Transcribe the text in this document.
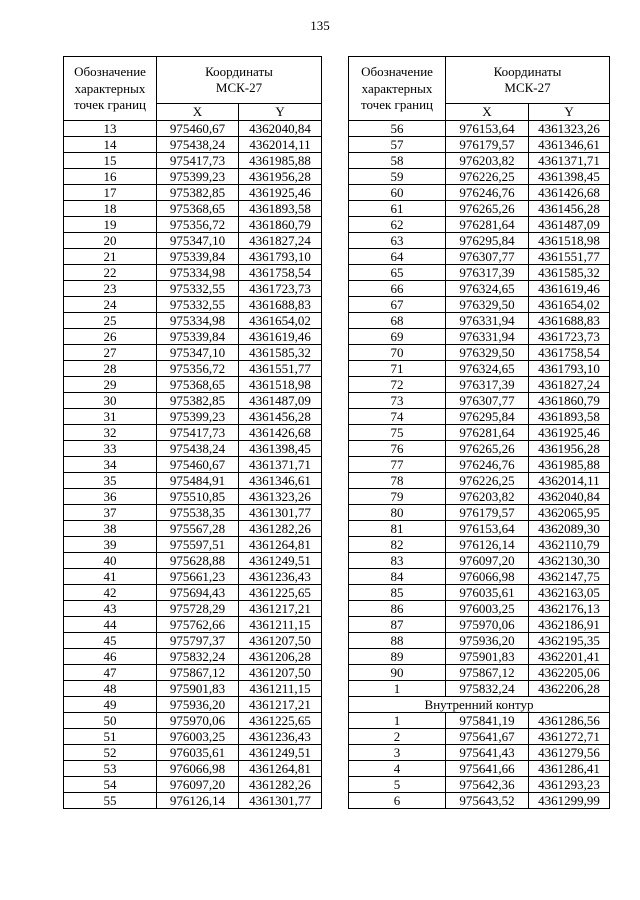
135
Обозначение характерных точек границ	Координаты
МСК-27	
	X	Y
13	975460,67	4362040,84
14	975438,24	4362014,11
15	975417,73	4361985,88
16	975399,23	4361956,28
17	975382,85	4361925,46
18	975368,65	4361893,58
19	975356,72	4361860,79
20	975347,10	4361827,24
21	975339,84	4361793,10
22	975334,98	4361758,54
23	975332,55	4361723,73
24	975332,55	4361688,83
25	975334,98	4361654,02
26	975339,84	4361619,46
27	975347,10	4361585,32
28	975356,72	4361551,77
29	975368,65	4361518,98
30	975382,85	4361487,09
31	975399,23	4361456,28
32	975417,73	4361426,68
33	975438,24	4361398,45
34	975460,67	4361371,71
35	975484,91	4361346,61
36	975510,85	4361323,26
37	975538,35	4361301,77
38	975567,28	4361282,26
39	975597,51	4361264,81
40	975628,88	4361249,51
41	975661,23	4361236,43
42	975694,43	4361225,65
43	975728,29	4361217,21
44	975762,66	4361211,15
45	975797,37	4361207,50
46	975832,24	4361206,28
47	975867,12	4361207,50
48	975901,83	4361211,15
49	975936,20	4361217,21
50	975970,06	4361225,65
51	976003,25	4361236,43
52	976035,61	4361249,51
53	976066,98	4361264,81
54	976097,20	4361282,26
55	976126,14	4361301,77
Обозначение характерных точек границ	Координаты
МСК-27	
	X	Y
56	976153,64	4361323,26
57	976179,57	4361346,61
58	976203,82	4361371,71
59	976226,25	4361398,45
60	976246,76	4361426,68
61	976265,26	4361456,28
62	976281,64	4361487,09
63	976295,84	4361518,98
64	976307,77	4361551,77
65	976317,39	4361585,32
66	976324,65	4361619,46
67	976329,50	4361654,02
68	976331,94	4361688,83
69	976331,94	4361723,73
70	976329,50	4361758,54
71	976324,65	4361793,10
72	976317,39	4361827,24
73	976307,77	4361860,79
74	976295,84	4361893,58
75	976281,64	4361925,46
76	976265,26	4361956,28
77	976246,76	4361985,88
78	976226,25	4362014,11
79	976203,82	4362040,84
80	976179,57	4362065,95
81	976153,64	4362089,30
82	976126,14	4362110,79
83	976097,20	4362130,30
84	976066,98	4362147,75
85	976035,61	4362163,05
86	976003,25	4362176,13
87	975970,06	4362186,91
88	975936,20	4362195,35
89	975901,83	4362201,41
90	975867,12	4362205,06
1	975832,24	4362206,28
Внутренний контур		
1	975841,19	4361286,56
2	975641,67	4361272,71
3	975641,43	4361279,56
4	975641,66	4361286,41
5	975642,36	4361293,23
6	975643,52	4361299,99
